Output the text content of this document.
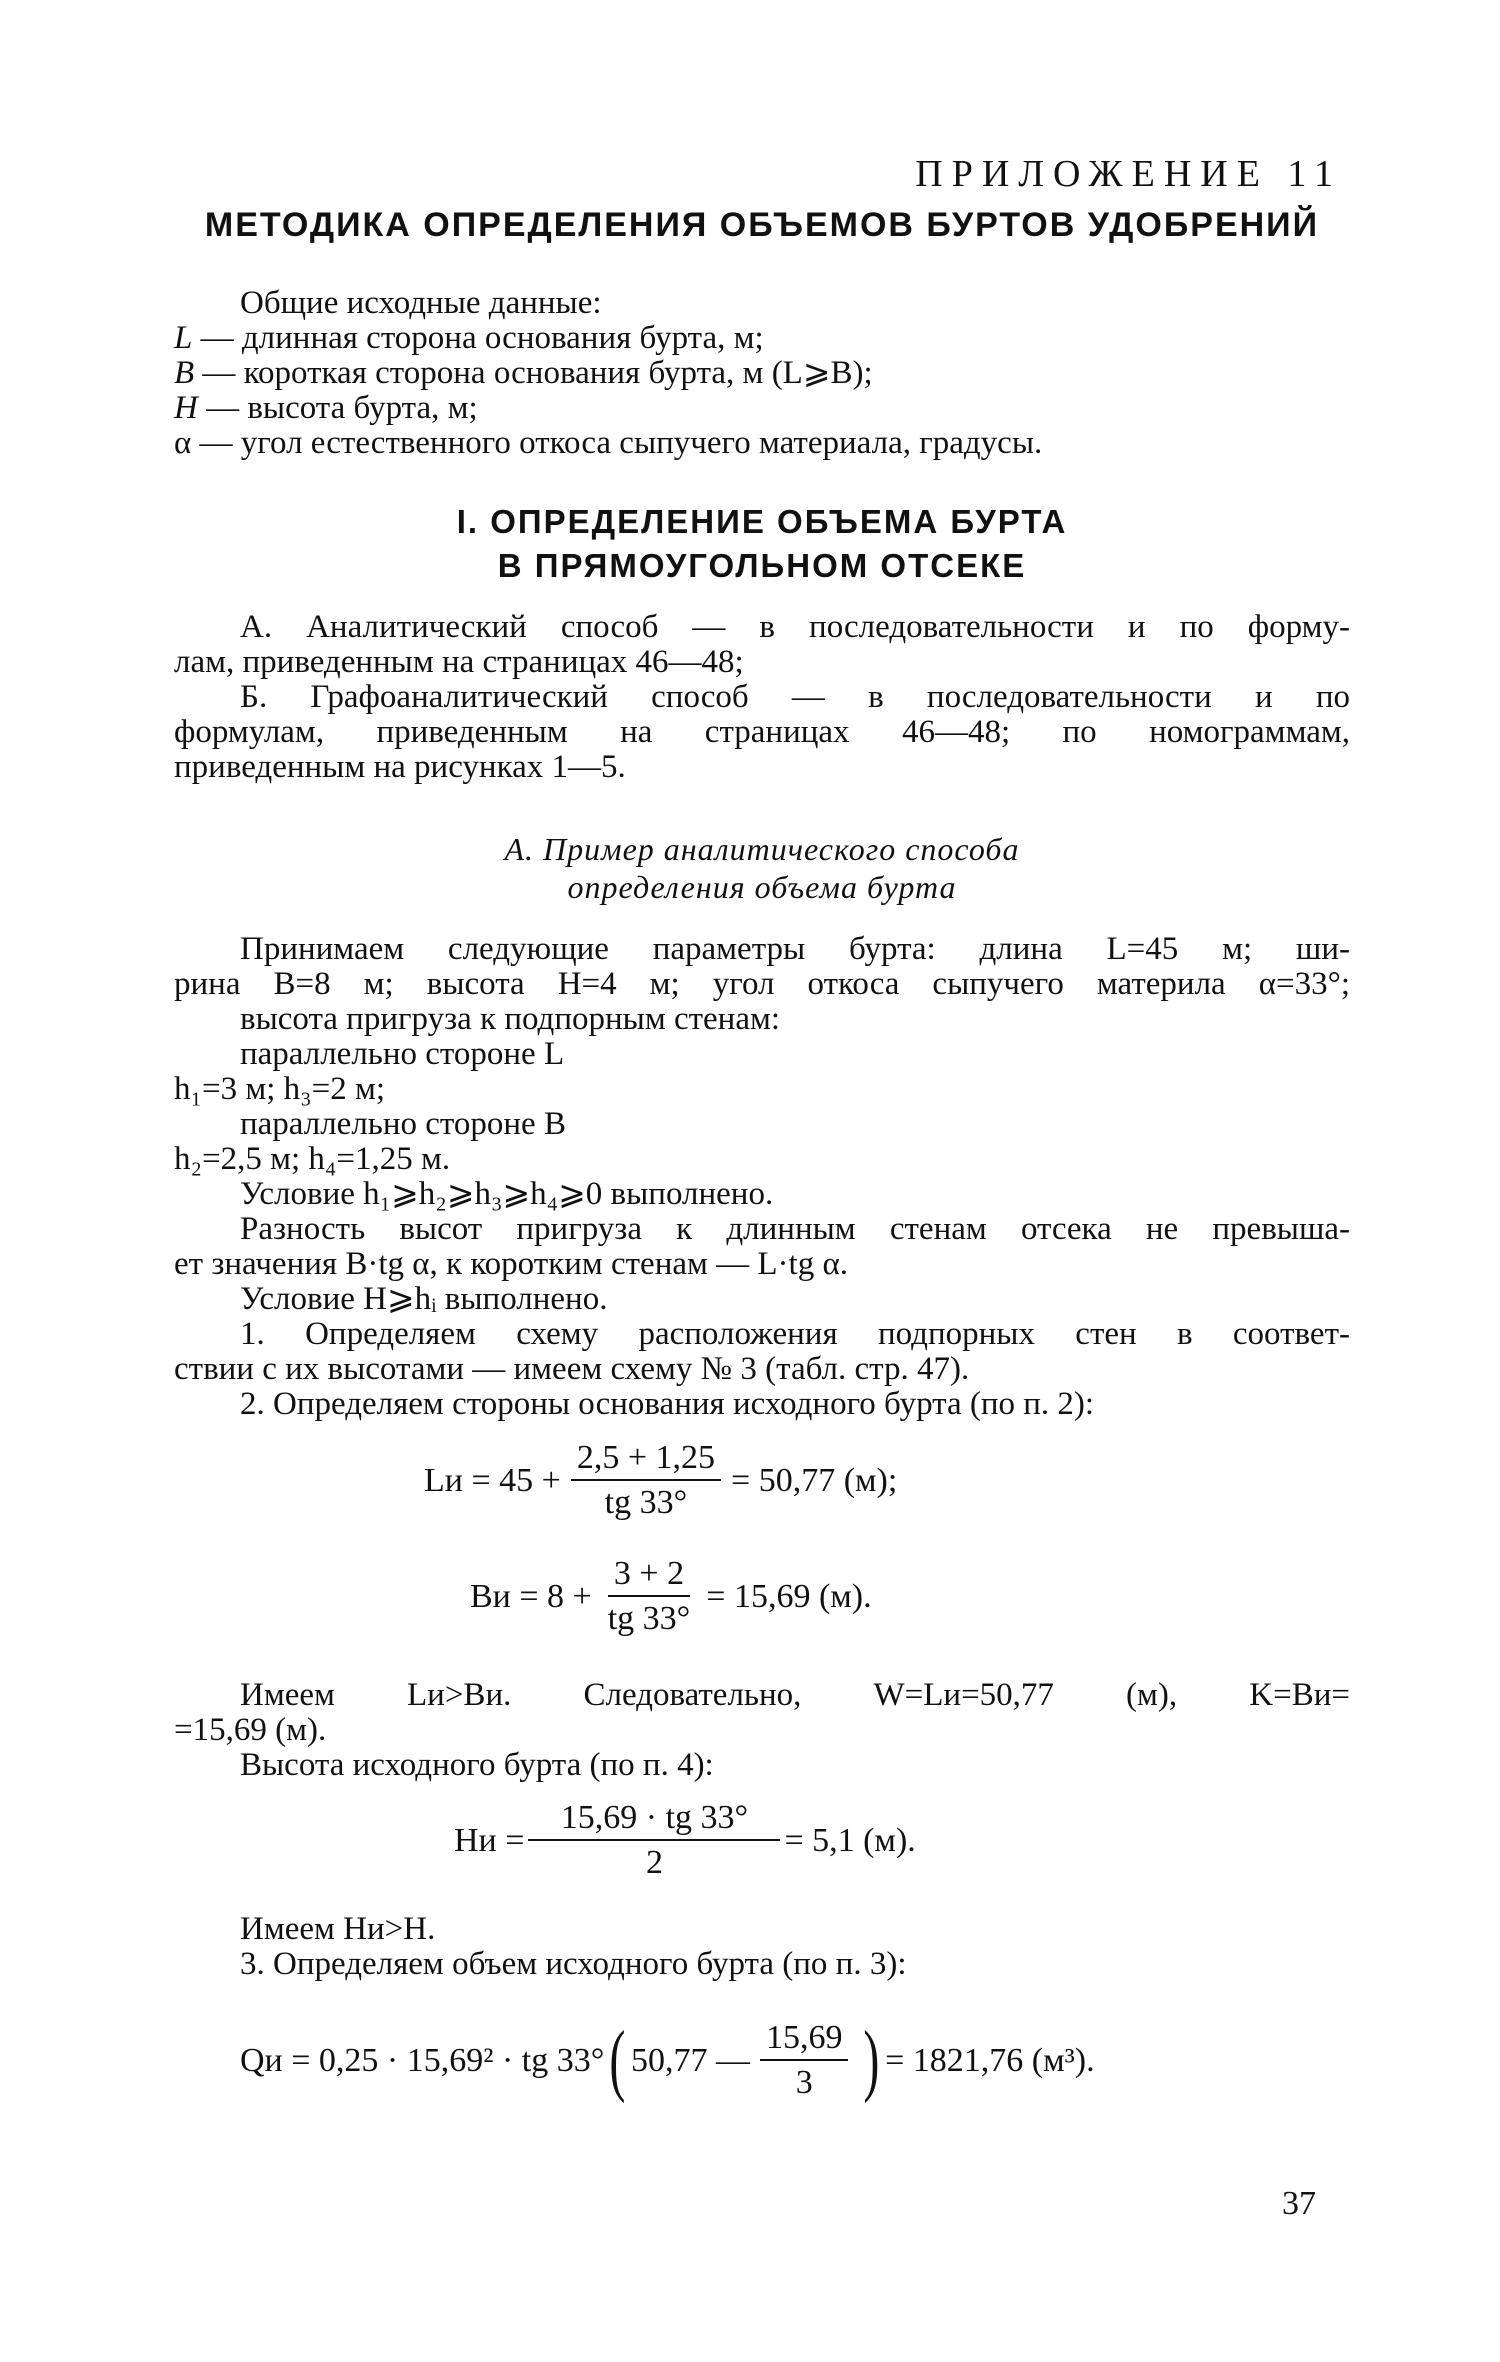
ПРИЛОЖЕНИЕ 11
МЕТОДИКА ОПРЕДЕЛЕНИЯ ОБЪЕМОВ БУРТОВ УДОБРЕНИЙ
Общие исходные данные:
L — длинная сторона основания бурта, м;
B — короткая сторона основания бурта, м (L⩾B);
H — высота бурта, м;
α — угол естественного откоса сыпучего материала, градусы.
I. ОПРЕДЕЛЕНИЕ ОБЪЕМА БУРТА
В ПРЯМОУГОЛЬНОМ ОТСЕКЕ
А. Аналитический способ — в последовательности и по форму-
лам, приведенным на страницах 46—48;
Б. Графоаналитический способ — в последовательности и по
формулам, приведенным на страницах 46—48; по номограммам,
приведенным на рисунках 1—5.
А. Пример аналитического способа
определения объема бурта
Принимаем следующие параметры бурта: длина L=45 м; ши-
рина B=8 м; высота H=4 м; угол откоса сыпучего материла α=33°;
высота пригруза к подпорным стенам:
параллельно стороне L
h₁=3 м; h₃=2 м;
параллельно стороне B
h₂=2,5 м; h₄=1,25 м.
Условие h₁⩾h₂⩾h₃⩾h₄⩾0 выполнено.
Разность высот пригруза к длинным стенам отсека не превыша-
ет значения B·tg α, к коротким стенам — L·tg α.
Условие H⩾hᵢ выполнено.
1. Определяем схему расположения подпорных стен в соответ-
ствии с их высотами — имеем схему № 3 (табл. стр. 47).
2. Определяем стороны основания исходного бурта (по п. 2):
Lи = $45 + \frac{2,5 + 1,25}{tg 33^\circ} = 50,77$ (м);
Bи = $8 + \frac{3 + 2}{tg 33^\circ} = 15,69$ (м).
Имеем Lи>Bи. Следовательно, W=Lи=50,77 (м), K=Bи=
=15,69 (м).
Высота исходного бурта (по п. 4):
Hи = $\frac{15,69 \cdot tg 33^\circ}{2} = 5,1$ (м).
Имеем Hи>H.
3. Определяем объем исходного бурта (по п. 3):
Qи = 0,25 · 15,69² · tg 33° ( 50,77 — $\frac{15,69}{3}$ ) = 1821,76 (м³).
37
